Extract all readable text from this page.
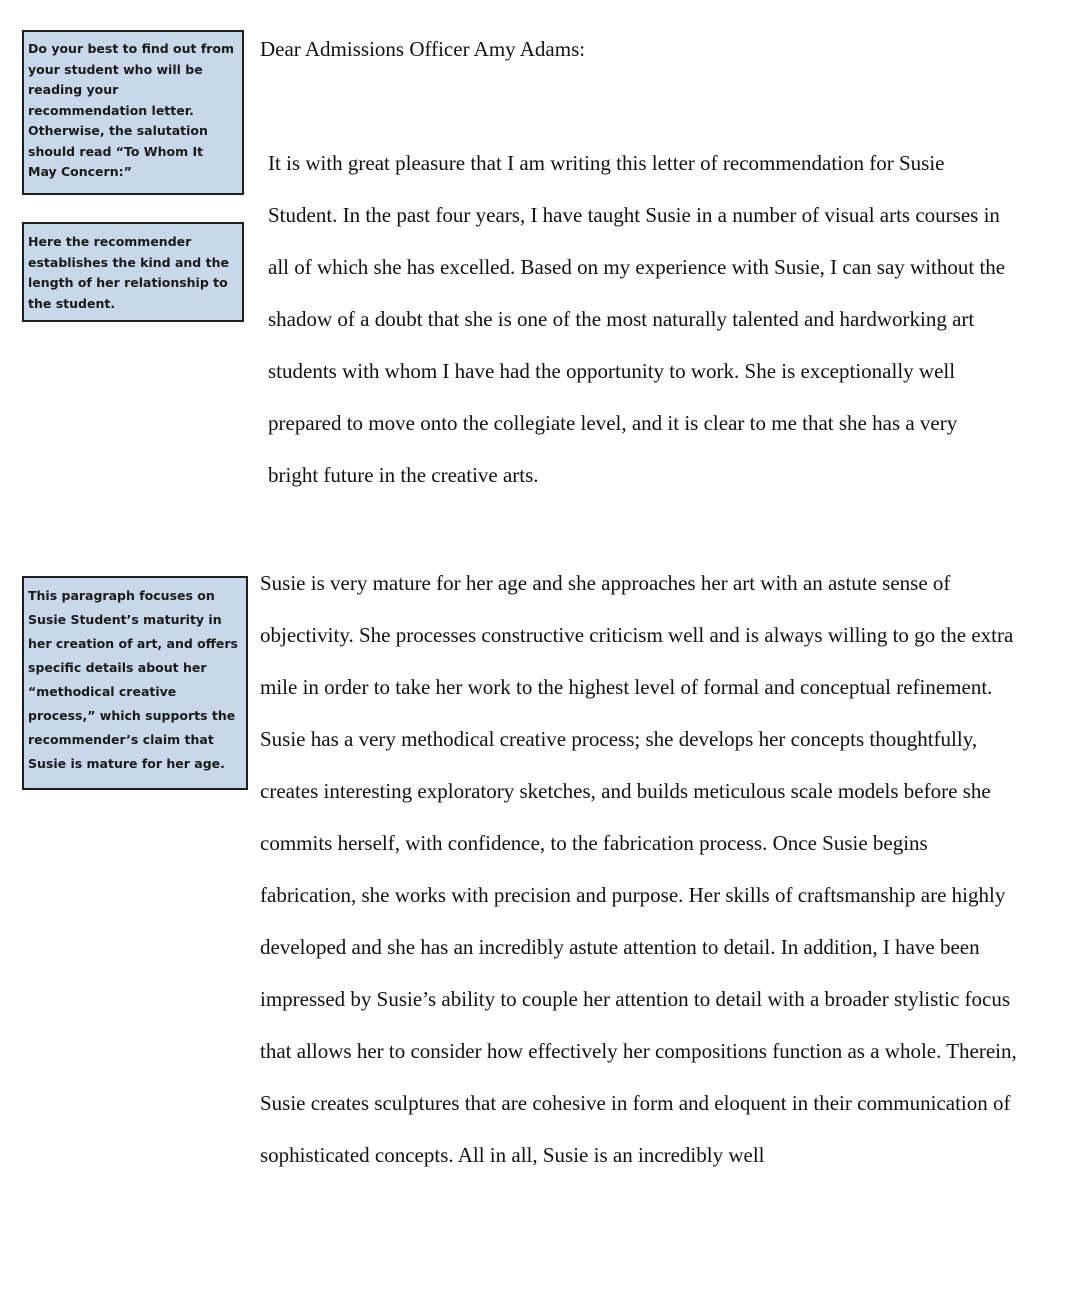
Do your best to find out from your student who will be reading your recommendation letter. Otherwise, the salutation should read “To Whom It May Concern:”
Here the recommender establishes the kind and the length of her relationship to the student.
This paragraph focuses on Susie Student’s maturity in her creation of art, and offers specific details about her “methodical creative process,” which supports the recommender’s claim that Susie is mature for her age.

Dear Admissions Officer Amy Adams:

It is with great pleasure that I am writing this letter of recommendation for Susie Student. In the past four years, I have taught Susie in a number of visual arts courses in all of which she has excelled. Based on my experience with Susie, I can say without the shadow of a doubt that she is one of the most naturally talented and hardworking art students with whom I have had the opportunity to work. She is exceptionally well prepared to move onto the collegiate level, and it is clear to me that she has a very bright future in the creative arts.

Susie is very mature for her age and she approaches her art with an astute sense of objectivity. She processes constructive criticism well and is always willing to go the extra mile in order to take her work to the highest level of formal and conceptual refinement. Susie has a very methodical creative process; she develops her concepts thoughtfully, creates interesting exploratory sketches, and builds meticulous scale models before she commits herself, with confidence, to the fabrication process. Once Susie begins fabrication, she works with precision and purpose. Her skills of craftsmanship are highly developed and she has an incredibly astute attention to detail. In addition, I have been impressed by Susie’s ability to couple her attention to detail with a broader stylistic focus that allows her to consider how effectively her compositions function as a whole. Therein, Susie creates sculptures that are cohesive in form and eloquent in their communication of sophisticated concepts. All in all, Susie is an incredibly well
